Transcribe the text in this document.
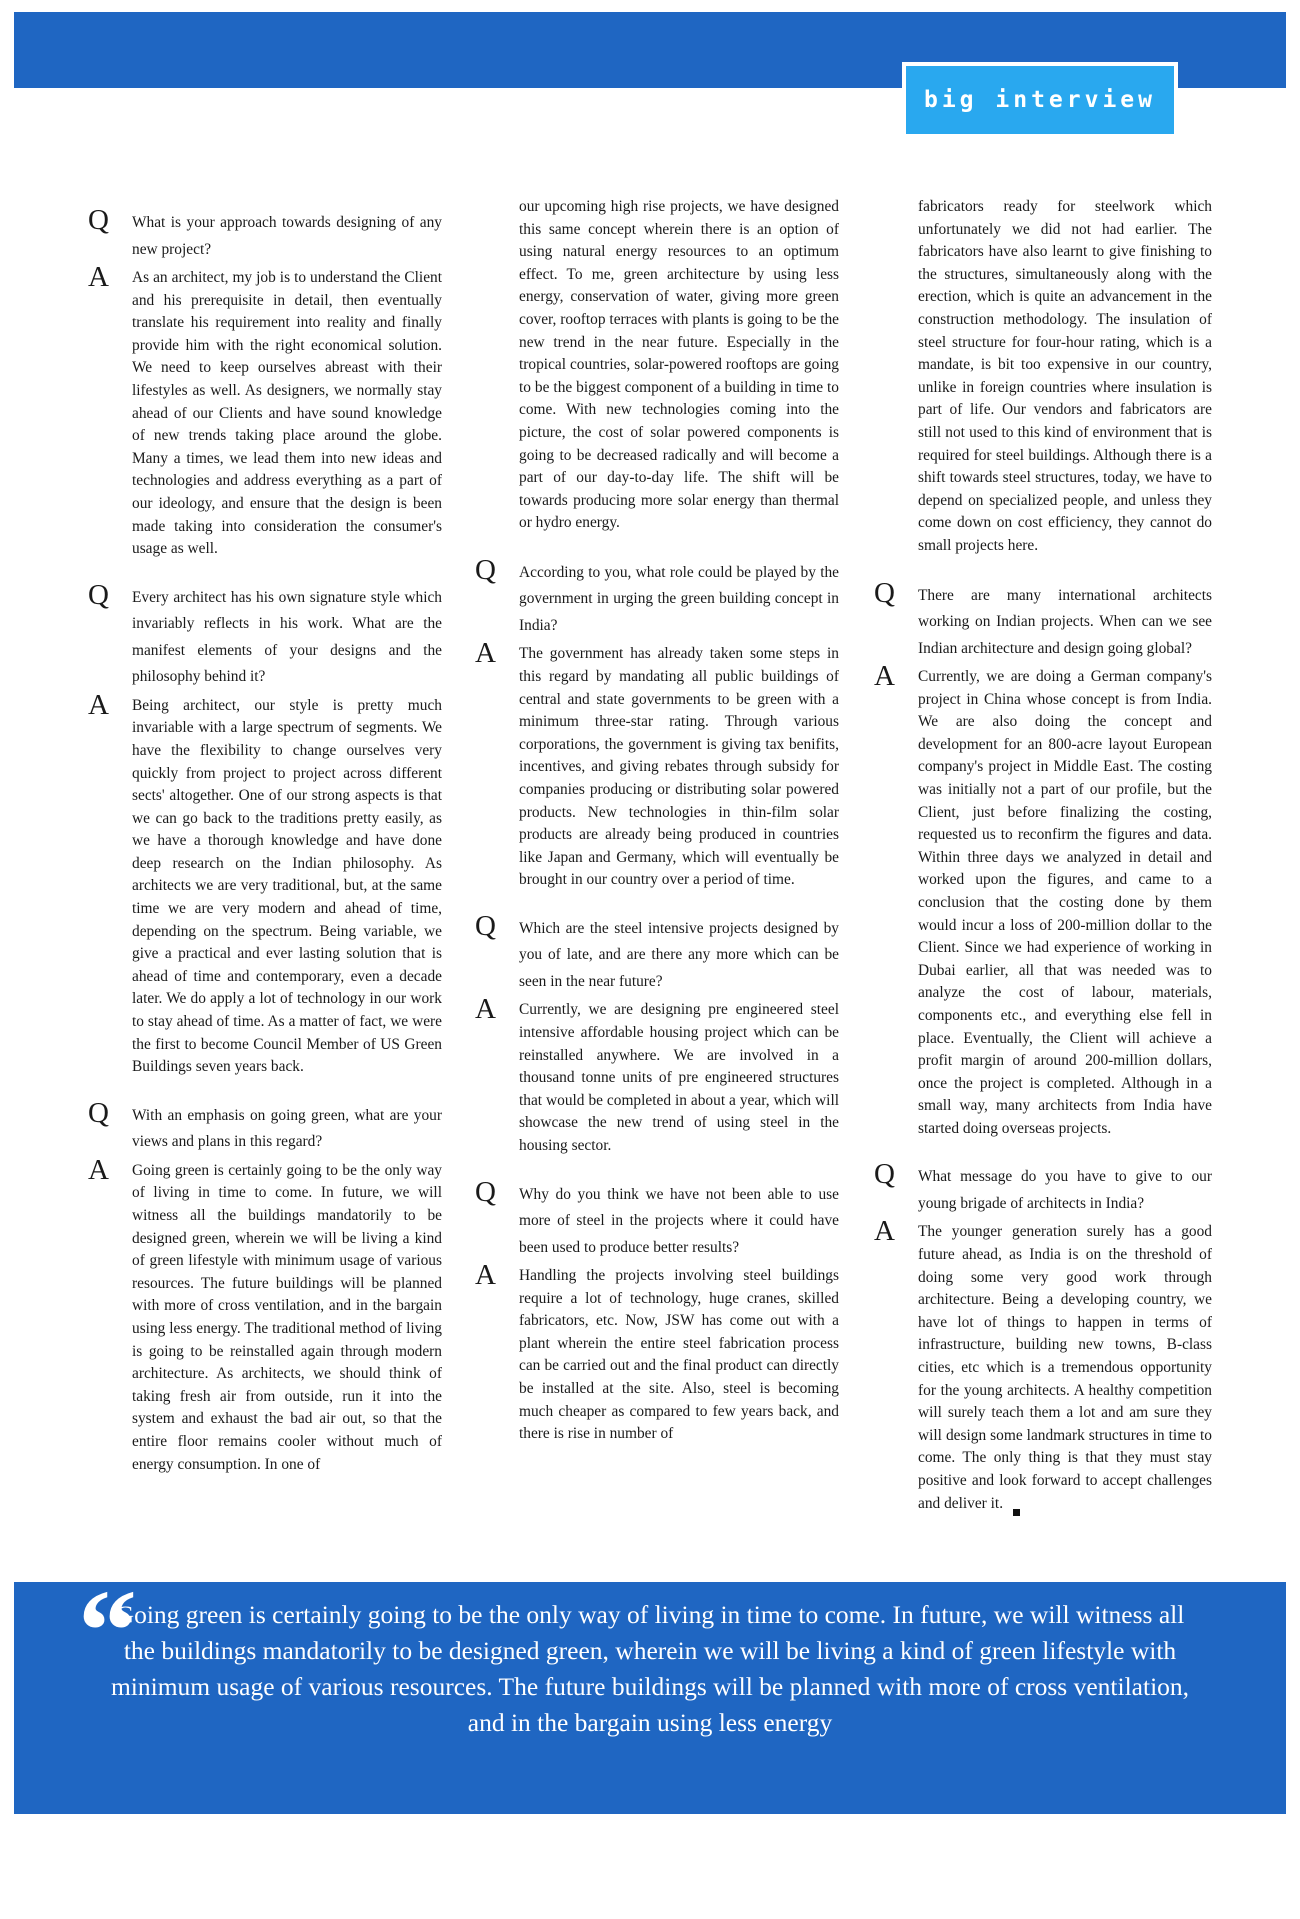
big interview
Q What is your approach towards designing of any new project?

A As an architect, my job is to understand the Client and his prerequisite in detail, then eventually translate his requirement into reality and finally provide him with the right economical solution. We need to keep ourselves abreast with their lifestyles as well. As designers, we normally stay ahead of our Clients and have sound knowledge of new trends taking place around the globe. Many a times, we lead them into new ideas and technologies and address everything as a part of our ideology, and ensure that the design is been made taking into consideration the consumer's usage as well.

Q Every architect has his own signature style which invariably reflects in his work. What are the manifest elements of your designs and the philosophy behind it?

A Being architect, our style is pretty much invariable with a large spectrum of segments. We have the flexibility to change ourselves very quickly from project to project across different sects' altogether. One of our strong aspects is that we can go back to the traditions pretty easily, as we have a thorough knowledge and have done deep research on the Indian philosophy. As architects we are very traditional, but, at the same time we are very modern and ahead of time, depending on the spectrum. Being variable, we give a practical and ever lasting solution that is ahead of time and contemporary, even a decade later. We do apply a lot of technology in our work to stay ahead of time. As a matter of fact, we were the first to become Council Member of US Green Buildings seven years back.

Q With an emphasis on going green, what are your views and plans in this regard?

A Going green is certainly going to be the only way of living in time to come. In future, we will witness all the buildings mandatorily to be designed green, wherein we will be living a kind of green lifestyle with minimum usage of various resources. The future buildings will be planned with more of cross ventilation, and in the bargain using less energy. The traditional method of living is going to be reinstalled again through modern architecture. As architects, we should think of taking fresh air from outside, run it into the system and exhaust the bad air out, so that the entire floor remains cooler without much of energy consumption. In one of

our upcoming high rise projects, we have designed this same concept wherein there is an option of using natural energy resources to an optimum effect. To me, green architecture by using less energy, conservation of water, giving more green cover, rooftop terraces with plants is going to be the new trend in the near future. Especially in the tropical countries, solar-powered rooftops are going to be the biggest component of a building in time to come. With new technologies coming into the picture, the cost of solar powered components is going to be decreased radically and will become a part of our day-to-day life. The shift will be towards producing more solar energy than thermal or hydro energy.

Q According to you, what role could be played by the government in urging the green building concept in India?

A The government has already taken some steps in this regard by mandating all public buildings of central and state governments to be green with a minimum three-star rating. Through various corporations, the government is giving tax benifits, incentives, and giving rebates through subsidy for companies producing or distributing solar powered products. New technologies in thin-film solar products are already being produced in countries like Japan and Germany, which will eventually be brought in our country over a period of time.

Q Which are the steel intensive projects designed by you of late, and are there any more which can be seen in the near future?

A Currently, we are designing pre engineered steel intensive affordable housing project which can be reinstalled anywhere. We are involved in a thousand tonne units of pre engineered structures that would be completed in about a year, which will showcase the new trend of using steel in the housing sector.

Q Why do you think we have not been able to use more of steel in the projects where it could have been used to produce better results?

A Handling the projects involving steel buildings require a lot of technology, huge cranes, skilled fabricators, etc. Now, JSW has come out with a plant wherein the entire steel fabrication process can be carried out and the final product can directly be installed at the site. Also, steel is becoming much cheaper as compared to few years back, and there is rise in number of

fabricators ready for steelwork which unfortunately we did not had earlier. The fabricators have also learnt to give finishing to the structures, simultaneously along with the erection, which is quite an advancement in the construction methodology. The insulation of steel structure for four-hour rating, which is a mandate, is bit too expensive in our country, unlike in foreign countries where insulation is part of life. Our vendors and fabricators are still not used to this kind of environment that is required for steel buildings. Although there is a shift towards steel structures, today, we have to depend on specialized people, and unless they come down on cost efficiency, they cannot do small projects here.

Q There are many international architects working on Indian projects. When can we see Indian architecture and design going global?

A Currently, we are doing a German company's project in China whose concept is from India. We are also doing the concept and development for an 800-acre layout European company's project in Middle East. The costing was initially not a part of our profile, but the Client, just before finalizing the costing, requested us to reconfirm the figures and data. Within three days we analyzed in detail and worked upon the figures, and came to a conclusion that the costing done by them would incur a loss of 200-million dollar to the Client. Since we had experience of working in Dubai earlier, all that was needed was to analyze the cost of labour, materials, components etc., and everything else fell in place. Eventually, the Client will achieve a profit margin of around 200-million dollars, once the project is completed. Although in a small way, many architects from India have started doing overseas projects.

Q What message do you have to give to our young brigade of architects in India?

A The younger generation surely has a good future ahead, as India is on the threshold of doing some very good work through architecture. Being a developing country, we have lot of things to happen in terms of infrastructure, building new towns, B-class cities, etc which is a tremendous opportunity for the young architects. A healthy competition will surely teach them a lot and am sure they will design some landmark structures in time to come. The only thing is that they must stay positive and look forward to accept challenges and deliver it.

“
Going green is certainly going to be the only way of living in time to come. In future, we will witness all the buildings mandatorily to be designed green, wherein we will be living a kind of green lifestyle with minimum usage of various resources. The future buildings will be planned with more of cross ventilation, and in the bargain using less energy
”
